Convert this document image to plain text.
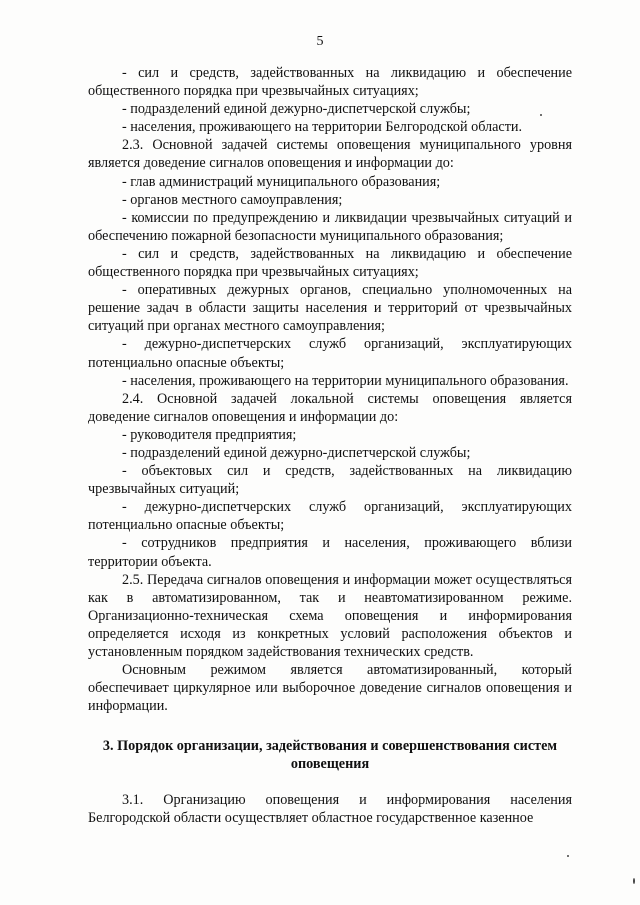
5

- сил и средств, задействованных на ликвидацию и обеспечение общественного порядка при чрезвычайных ситуациях;

- подразделений единой дежурно-диспетчерской службы;

- населения, проживающего на территории Белгородской области.

2.3. Основной задачей системы оповещения муниципального уровня является доведение сигналов оповещения и информации до:

- глав администраций муниципального образования;

- органов местного самоуправления;

- комиссии по предупреждению и ликвидации чрезвычайных ситуаций и обеспечению пожарной безопасности муниципального образования;

- сил и средств, задействованных на ликвидацию и обеспечение общественного порядка при чрезвычайных ситуациях;

- оперативных дежурных органов, специально уполномоченных на решение задач в области защиты населения и территорий от чрезвычайных ситуаций при органах местного самоуправления;

- дежурно-диспетчерских служб организаций, эксплуатирующих потенциально опасные объекты;

- населения, проживающего на территории муниципального образования.

2.4. Основной задачей локальной системы оповещения является доведение сигналов оповещения и информации до:

- руководителя предприятия;

- подразделений единой дежурно-диспетчерской службы;

- объектовых сил и средств, задействованных на ликвидацию чрезвычайных ситуаций;

- дежурно-диспетчерских служб организаций, эксплуатирующих потенциально опасные объекты;

- сотрудников предприятия и населения, проживающего вблизи территории объекта.

2.5. Передача сигналов оповещения и информации может осуществляться как в автоматизированном, так и неавтоматизированном режиме. Организационно-техническая схема оповещения и информирования определяется исходя из конкретных условий расположения объектов и установленным порядком задействования технических средств.

Основным режимом является автоматизированный, который обеспечивает циркулярное или выборочное доведение сигналов оповещения и информации.

3. Порядок организации, задействования и совершенствования систем оповещения

3.1. Организацию оповещения и информирования населения Белгородской области осуществляет областное государственное казенное
